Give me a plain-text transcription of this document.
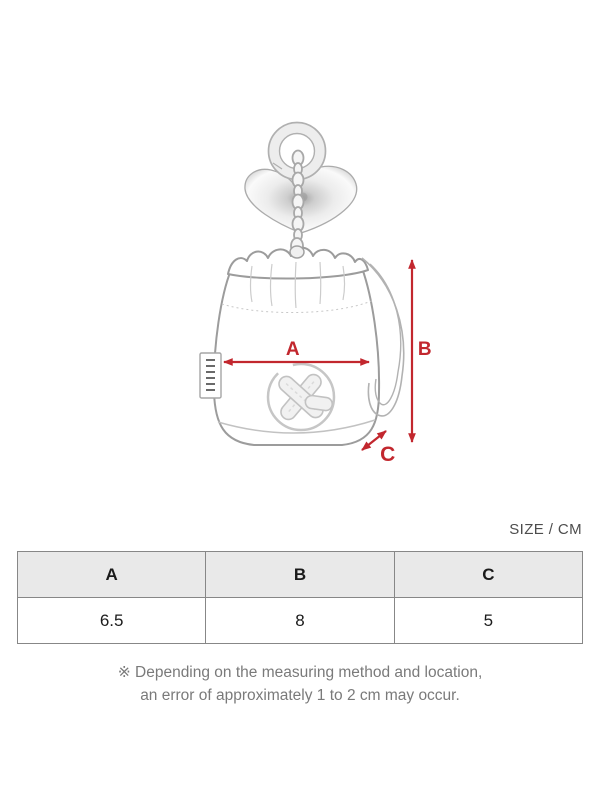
A	B
C
SIZE / CM
A	B	C
6.5	8	5
※ Depending on the measuring method and location,
an error of approximately 1 to 2 cm may occur.
